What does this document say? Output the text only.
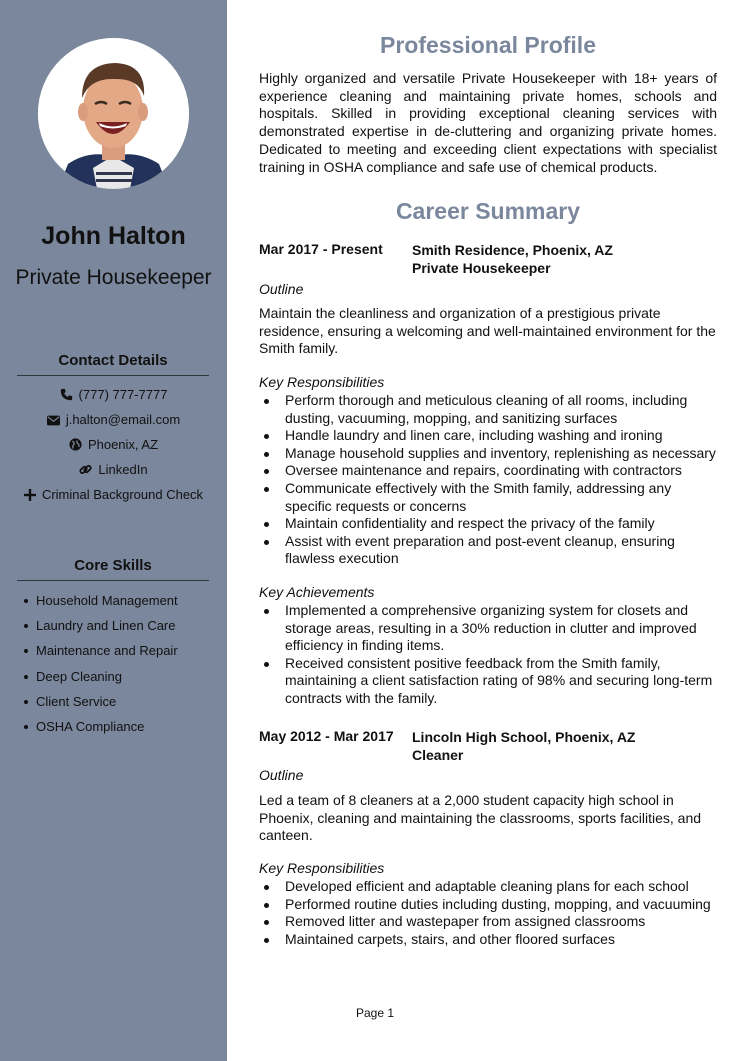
John Halton
Private Housekeeper
Contact Details
(777) 777-7777
j.halton@email.com
Phoenix, AZ
LinkedIn
Criminal Background Check
Core Skills
Household Management
Laundry and Linen Care
Maintenance and Repair
Deep Cleaning
Client Service
OSHA Compliance
Professional Profile

Highly organized and versatile Private Housekeeper with 18+ years of experience cleaning and maintaining private homes, schools and hospitals. Skilled in providing exceptional cleaning services with demonstrated expertise in de-cluttering and organizing private homes. Dedicated to meeting and exceeding client expectations with specialist training in OSHA compliance and safe use of chemical products.

Career Summary
Mar 2017 - Present Smith Residence, Phoenix, AZ
Private Housekeeper
Outline

Maintain the cleanliness and organization of a prestigious private residence, ensuring a welcoming and well-maintained environment for the Smith family.

Key Responsibilities
Perform thorough and meticulous cleaning of all rooms, including dusting, vacuuming, mopping, and sanitizing surfaces
Handle laundry and linen care, including washing and ironing
Manage household supplies and inventory, replenishing as necessary
Oversee maintenance and repairs, coordinating with contractors
Communicate effectively with the Smith family, addressing any specific requests or concerns
Maintain confidentiality and respect the privacy of the family
Assist with event preparation and post-event cleanup, ensuring flawless execution
Key Achievements
Implemented a comprehensive organizing system for closets and storage areas, resulting in a 30% reduction in clutter and improved efficiency in finding items.
Received consistent positive feedback from the Smith family, maintaining a client satisfaction rating of 98% and securing long-term contracts with the family.
May 2012 - Mar 2017 Lincoln High School, Phoenix, AZ
Cleaner
Outline

Led a team of 8 cleaners at a 2,000 student capacity high school in Phoenix, cleaning and maintaining the classrooms, sports facilities, and canteen.

Key Responsibilities
Developed efficient and adaptable cleaning plans for each school
Performed routine duties including dusting, mopping, and vacuuming
Removed litter and wastepaper from assigned classrooms
Maintained carpets, stairs, and other floored surfaces
Page 1
